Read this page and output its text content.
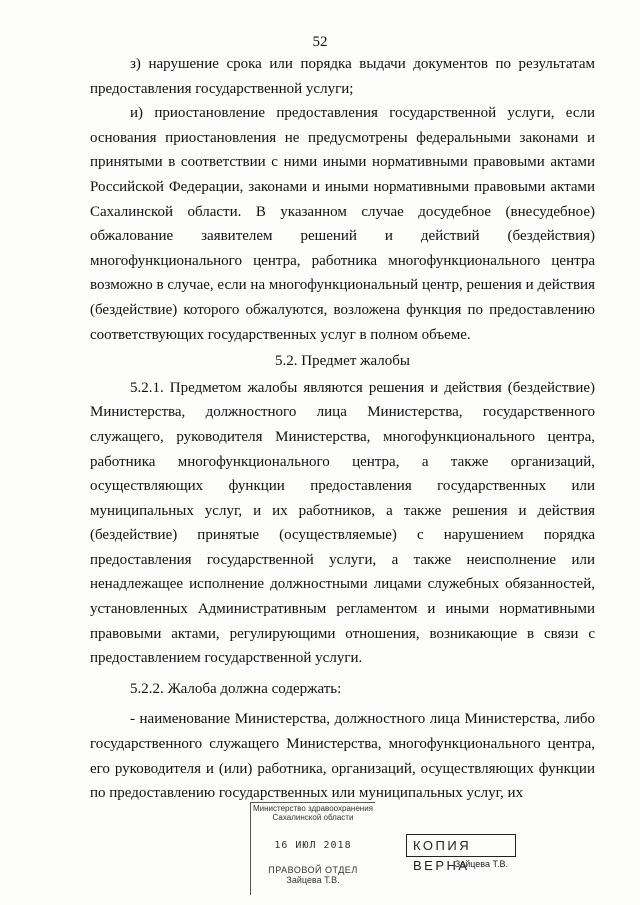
52

з) нарушение срока или порядка выдачи документов по результатам предоставления государственной услуги;

и) приостановление предоставления государственной услуги, если основания приостановления не предусмотрены федеральными законами и принятыми в соответствии с ними иными нормативными правовыми актами Российской Федерации, законами и иными нормативными правовыми актами Сахалинской области. В указанном случае досудебное (внесудебное) обжалование заявителем решений и действий (бездействия) многофункционального центра, работника многофункционального центра возможно в случае, если на многофункциональный центр, решения и действия (бездействие) которого обжалуются, возложена функция по предоставлению соответствующих государственных услуг в полном объеме.

5.2. Предмет жалобы

5.2.1. Предметом жалобы являются решения и действия (бездействие) Министерства, должностного лица Министерства, государственного служащего, руководителя Министерства, многофункционального центра, работника многофункционального центра, а также организаций, осуществляющих функции предоставления государственных или муниципальных услуг, и их работников, а также решения и действия (бездействие) принятые (осуществляемые) с нарушением порядка предоставления государственной услуги, а также неисполнение или ненадлежащее исполнение должностными лицами служебных обязанностей, установленных Административным регламентом и иными нормативными правовыми актами, регулирующими отношения, возникающие в связи с предоставлением государственной услуги.

5.2.2. Жалоба должна содержать:

- наименование Министерства, должностного лица Министерства, либо государственного служащего Министерства, многофункционального центра, его руководителя и (или) работника, организаций, осуществляющих функции по предоставлению государственных или муниципальных услуг, их

Министерство здравоохранения Сахалинской области
16 ИЮЛ 2018
ПРАВОВОЙ ОТДЕЛ
Зайцева Т.В.
КОПИЯ ВЕРНА
Зайцева Т.В.
